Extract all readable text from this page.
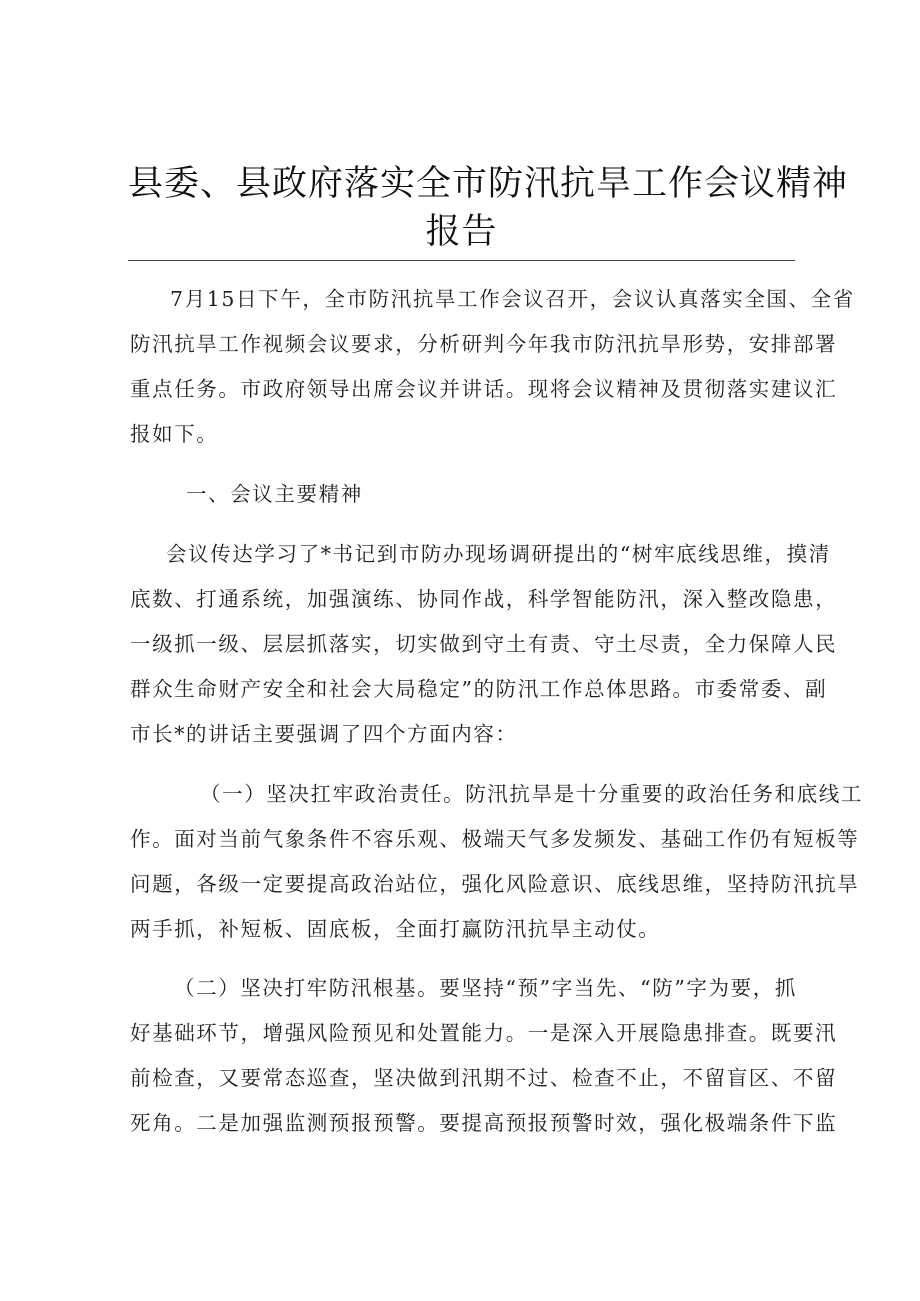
县委、县政府落实全市防汛抗旱工作会议精神
报告
7月15日下午，全市防汛抗旱工作会议召开，会议认真落实全国、全省
防汛抗旱工作视频会议要求，分析研判今年我市防汛抗旱形势，安排部署
重点任务。市政府领导出席会议并讲话。现将会议精神及贯彻落实建议汇
报如下。
一、会议主要精神
会议传达学习了*书记到市防办现场调研提出的“树牢底线思维，摸清
底数、打通系统，加强演练、协同作战，科学智能防汛，深入整改隐患，
一级抓一级、层层抓落实，切实做到守土有责、守土尽责，全力保障人民
群众生命财产安全和社会大局稳定”的防汛工作总体思路。市委常委、副
市长*的讲话主要强调了四个方面内容：
（一）坚决扛牢政治责任。防汛抗旱是十分重要的政治任务和底线工
作。面对当前气象条件不容乐观、极端天气多发频发、基础工作仍有短板等
问题，各级一定要提高政治站位，强化风险意识、底线思维，坚持防汛抗旱
两手抓，补短板、固底板，全面打赢防汛抗旱主动仗。
（二）坚决打牢防汛根基。要坚持“预”字当先、“防”字为要，抓
好基础环节，增强风险预见和处置能力。一是深入开展隐患排查。既要汛
前检查，又要常态巡查，坚决做到汛期不过、检查不止，不留盲区、不留
死角。二是加强监测预报预警。要提高预报预警时效，强化极端条件下监
